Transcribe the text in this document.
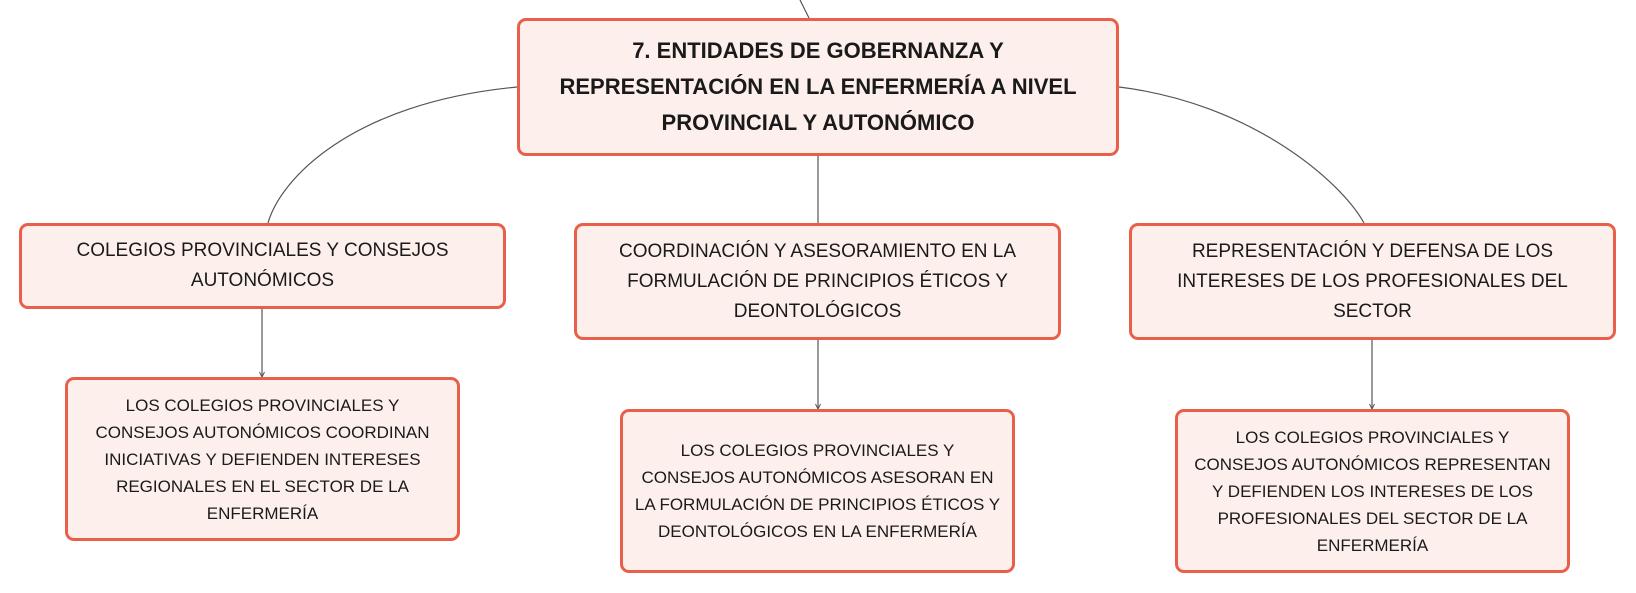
7. ENTIDADES DE GOBERNANZA Y REPRESENTACIÓN EN LA ENFERMERÍA A NIVEL PROVINCIAL Y AUTONÓMICO
COLEGIOS PROVINCIALES Y CONSEJOS AUTONÓMICOS
COORDINACIÓN Y ASESORAMIENTO EN LA FORMULACIÓN DE PRINCIPIOS ÉTICOS Y DEONTOLÓGICOS
REPRESENTACIÓN Y DEFENSA DE LOS INTERESES DE LOS PROFESIONALES DEL SECTOR
LOS COLEGIOS PROVINCIALES Y CONSEJOS AUTONÓMICOS COORDINAN INICIATIVAS Y DEFIENDEN INTERESES REGIONALES EN EL SECTOR DE LA ENFERMERÍA
LOS COLEGIOS PROVINCIALES Y CONSEJOS AUTONÓMICOS ASESORAN EN LA FORMULACIÓN DE PRINCIPIOS ÉTICOS Y DEONTOLÓGICOS EN LA ENFERMERÍA
LOS COLEGIOS PROVINCIALES Y CONSEJOS AUTONÓMICOS REPRESENTAN Y DEFIENDEN LOS INTERESES DE LOS PROFESIONALES DEL SECTOR DE LA ENFERMERÍA
